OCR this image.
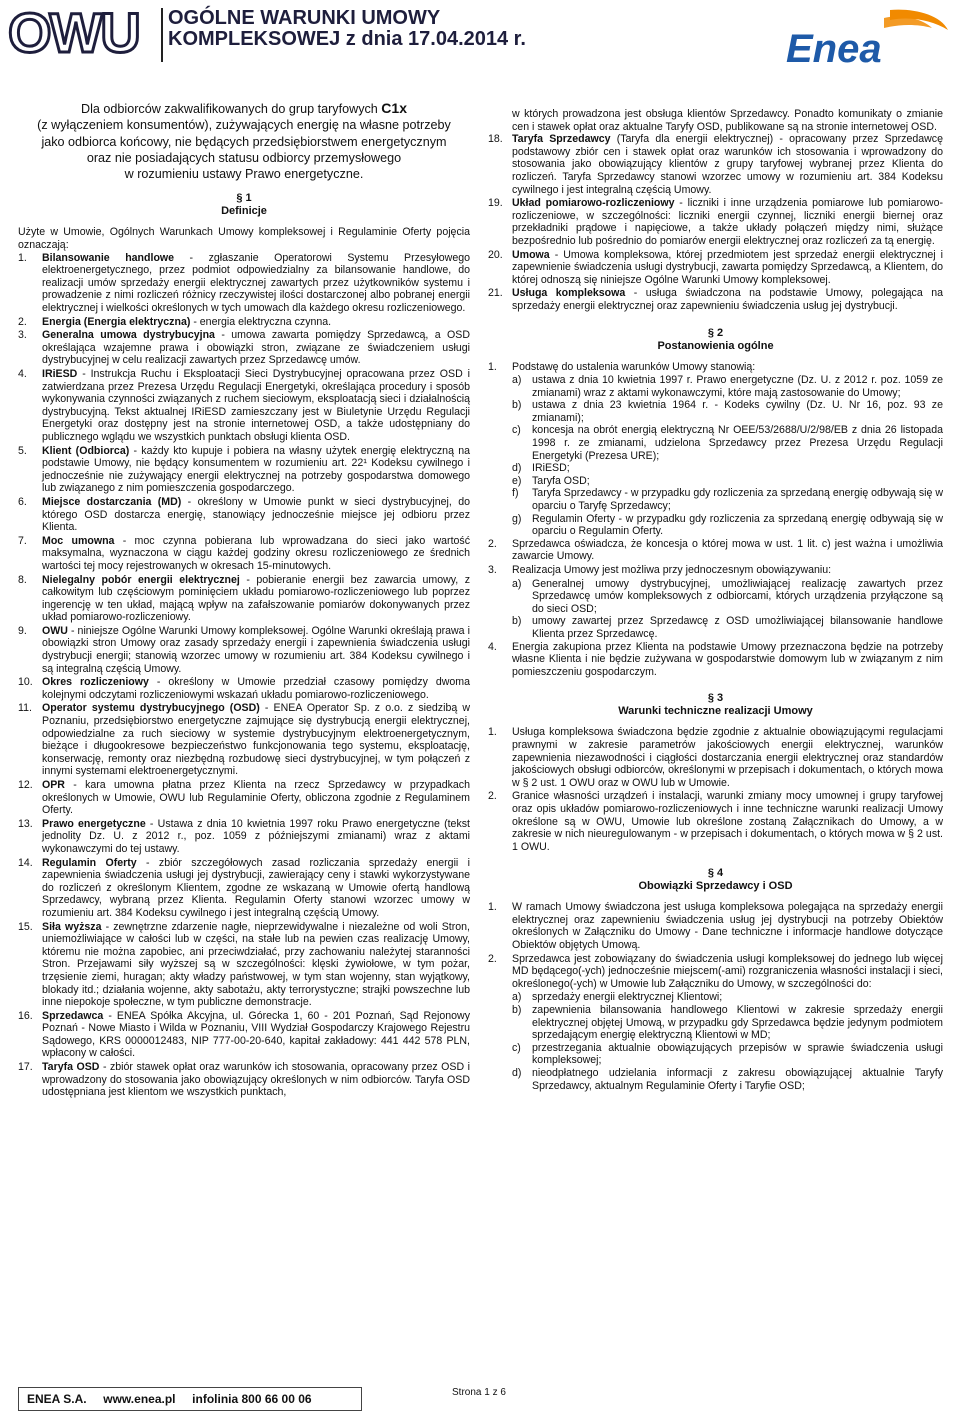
OWU OGÓLNE WARUNKI UMOWY
KOMPLEKSOWEJ z dnia 17.04.2014 r.	Enea
Dla odbiorców zakwalifikowanych do grup taryfowych C1x
(z wyłączeniem konsumentów), zużywających energię na własne potrzeby
jako odbiorca końcowy, nie będących przedsiębiorstwem energetycznym
oraz nie posiadających statusu odbiorcy przemysłowego
w rozumieniu ustawy Prawo energetyczne.
§ 1
Definicje

Użyte w Umowie, Ogólnych Warunkach Umowy kompleksowej i Regulaminie Oferty pojęcia oznaczają:

1. Bilansowanie handlowe - zgłaszanie Operatorowi Systemu Przesyłowego elektroenergetycznego, przez podmiot odpowiedzialny za bilansowanie handlowe, do realizacji umów sprzedaży energii elektrycznej zawartych przez użytkowników systemu i prowadzenie z nimi rozliczeń różnicy rzeczywistej ilości dostarczonej albo pobranej energii elektrycznej i wielkości określonych w tych umowach dla każdego okresu rozliczeniowego.
2. Energia (Energia elektryczna) - energia elektryczna czynna.
3. Generalna umowa dystrybucyjna - umowa zawarta pomiędzy Sprzedawcą, a OSD określająca wzajemne prawa i obowiązki stron, związane ze świadczeniem usługi dystrybucyjnej w celu realizacji zawartych przez Sprzedawcę umów.
4. IRiESD - Instrukcja Ruchu i Eksploatacji Sieci Dystrybucyjnej opracowana przez OSD i zatwierdzana przez Prezesa Urzędu Regulacji Energetyki, określająca procedury i sposób wykonywania czynności związanych z ruchem sieciowym, eksploatacją sieci i działalnością dystrybucyjną. Tekst aktualnej IRiESD zamieszczany jest w Biuletynie Urzędu Regulacji Energetyki oraz dostępny jest na stronie internetowej OSD, a także udostępniany do publicznego wglądu we wszystkich punktach obsługi klienta OSD.
5. Klient (Odbiorca) - każdy kto kupuje i pobiera na własny użytek energię elektryczną na podstawie Umowy, nie będący konsumentem w rozumieniu art. 22¹ Kodeksu cywilnego i jednocześnie nie zużywający energii elektrycznej na potrzeby gospodarstwa domowego lub związanego z nim pomieszczenia gospodarczego.
6. Miejsce dostarczania (MD) - określony w Umowie punkt w sieci dystrybucyjnej, do którego OSD dostarcza energię, stanowiący jednocześnie miejsce jej odbioru przez Klienta.
7. Moc umowna - moc czynna pobierana lub wprowadzana do sieci jako wartość maksymalna, wyznaczona w ciągu każdej godziny okresu rozliczeniowego ze średnich wartości tej mocy rejestrowanych w okresach 15-minutowych.
8. Nielegalny pobór energii elektrycznej - pobieranie energii bez zawarcia umowy, z całkowitym lub częściowym pominięciem układu pomiarowo-rozliczeniowego lub poprzez ingerencję w ten układ, mającą wpływ na zafałszowanie pomiarów dokonywanych przez układ pomiarowo-rozliczeniowy.
9. OWU - niniejsze Ogólne Warunki Umowy kompleksowej. Ogólne Warunki określają prawa i obowiązki stron Umowy oraz zasady sprzedaży energii i zapewnienia świadczenia usługi dystrybucji energii; stanowią wzorzec umowy w rozumieniu art. 384 Kodeksu cywilnego i są integralną częścią Umowy.
10. Okres rozliczeniowy - określony w Umowie przedział czasowy pomiędzy dwoma kolejnymi odczytami rozliczeniowymi wskazań układu pomiarowo-rozliczeniowego.
11. Operator systemu dystrybucyjnego (OSD) - ENEA Operator Sp. z o.o. z siedzibą w Poznaniu, przedsiębiorstwo energetyczne zajmujące się dystrybucją energii elektrycznej, odpowiedzialne za ruch sieciowy w systemie dystrybucyjnym elektroenergetycznym, bieżące i długookresowe bezpieczeństwo funkcjonowania tego systemu, eksploatację, konserwację, remonty oraz niezbędną rozbudowę sieci dystrybucyjnej, w tym połączeń z innymi systemami elektroenergetycznymi.
12. OPR - kara umowna płatna przez Klienta na rzecz Sprzedawcy w przypadkach określonych w Umowie, OWU lub Regulaminie Oferty, obliczona zgodnie z Regulaminem Oferty.
13. Prawo energetyczne - Ustawa z dnia 10 kwietnia 1997 roku Prawo energetyczne (tekst jednolity Dz. U. z 2012 r., poz. 1059 z późniejszymi zmianami) wraz z aktami wykonawczymi do tej ustawy.
14. Regulamin Oferty - zbiór szczegółowych zasad rozliczania sprzedaży energii i zapewnienia świadczenia usługi jej dystrybucji, zawierający ceny i stawki wykorzystywane do rozliczeń z określonym Klientem, zgodne ze wskazaną w Umowie ofertą handlową Sprzedawcy, wybraną przez Klienta. Regulamin Oferty stanowi wzorzec umowy w rozumieniu art. 384 Kodeksu cywilnego i jest integralną częścią Umowy.
15. Siła wyższa - zewnętrzne zdarzenie nagłe, nieprzewidywalne i niezależne od woli Stron, uniemożliwiające w całości lub w części, na stałe lub na pewien czas realizację Umowy, któremu nie można zapobiec, ani przeciwdziałać, przy zachowaniu należytej staranności Stron. Przejawami siły wyższej są w szczególności: klęski żywiołowe, w tym pożar, trzęsienie ziemi, huragan; akty władzy państwowej, w tym stan wojenny, stan wyjątkowy, blokady itd.; działania wojenne, akty sabotażu, akty terrorystyczne; strajki powszechne lub inne niepokoje społeczne, w tym publiczne demonstracje.
16. Sprzedawca - ENEA Spółka Akcyjna, ul. Górecka 1, 60 - 201 Poznań, Sąd Rejonowy Poznań - Nowe Miasto i Wilda w Poznaniu, VIII Wydział Gospodarczy Krajowego Rejestru Sądowego, KRS 0000012483, NIP 777-00-20-640, kapitał zakładowy: 441 442 578 PLN, wpłacony w całości.
17. Taryfa OSD - zbiór stawek opłat oraz warunków ich stosowania, opracowany przez OSD i wprowadzony do stosowania jako obowiązujący określonych w nim odbiorców. Taryfa OSD udostępniana jest klientom we wszystkich punktach,

w których prowadzona jest obsługa klientów Sprzedawcy. Ponadto komunikaty o zmianie cen i stawek opłat oraz aktualne Taryfy OSD, publikowane są na stronie internetowej OSD.

18. Taryfa Sprzedawcy (Taryfa dla energii elektrycznej) - opracowany przez Sprzedawcę podstawowy zbiór cen i stawek opłat oraz warunków ich stosowania i wprowadzony do stosowania jako obowiązujący klientów z grupy taryfowej wybranej przez Klienta do rozliczeń. Taryfa Sprzedawcy stanowi wzorzec umowy w rozumieniu art. 384 Kodeksu cywilnego i jest integralną częścią Umowy.
19. Układ pomiarowo-rozliczeniowy - liczniki i inne urządzenia pomiarowe lub pomiarowo-rozliczeniowe, w szczególności: liczniki energii czynnej, liczniki energii biernej oraz przekładniki prądowe i napięciowe, a także układy połączeń między nimi, służące bezpośrednio lub pośrednio do pomiarów energii elektrycznej oraz rozliczeń za tą energię.
20. Umowa - Umowa kompleksowa, której przedmiotem jest sprzedaż energii elektrycznej i zapewnienie świadczenia usługi dystrybucji, zawarta pomiędzy Sprzedawcą, a Klientem, do której odnoszą się niniejsze Ogólne Warunki Umowy kompleksowej.
21. Usługa kompleksowa - usługa świadczona na podstawie Umowy, polegająca na sprzedaży energii elektrycznej oraz zapewnieniu świadczenia usług jej dystrybucji.
§ 2
Postanowienia ogólne
1. Podstawę do ustalenia warunków Umowy stanowią:
a) ustawa z dnia 10 kwietnia 1997 r. Prawo energetyczne (Dz. U. z 2012 r. poz. 1059 ze zmianami) wraz z aktami wykonawczymi, które mają zastosowanie do Umowy;
b) ustawa z dnia 23 kwietnia 1964 r. - Kodeks cywilny (Dz. U. Nr 16, poz. 93 ze zmianami);
c) koncesja na obrót energią elektryczną Nr OEE/53/2688/U/2/98/EB z dnia 26 listopada 1998 r. ze zmianami, udzielona Sprzedawcy przez Prezesa Urzędu Regulacji Energetyki (Prezesa URE);
d) IRiESD;
e) Taryfa OSD;
f) Taryfa Sprzedawcy - w przypadku gdy rozliczenia za sprzedaną energię odbywają się w oparciu o Taryfę Sprzedawcy;
g) Regulamin Oferty - w przypadku gdy rozliczenia za sprzedaną energię odbywają się w oparciu o Regulamin Oferty.
2. Sprzedawca oświadcza, że koncesja o której mowa w ust. 1 lit. c) jest ważna i umożliwia zawarcie Umowy.
3. Realizacja Umowy jest możliwa przy jednoczesnym obowiązywaniu:
a) Generalnej umowy dystrybucyjnej, umożliwiającej realizację zawartych przez Sprzedawcę umów kompleksowych z odbiorcami, których urządzenia przyłączone są do sieci OSD;
b) umowy zawartej przez Sprzedawcę z OSD umożliwiającej bilansowanie handlowe Klienta przez Sprzedawcę.
4. Energia zakupiona przez Klienta na podstawie Umowy przeznaczona będzie na potrzeby własne Klienta i nie będzie zużywana w gospodarstwie domowym lub w związanym z nim pomieszczeniu gospodarczym.
§ 3
Warunki techniczne realizacji Umowy
1. Usługa kompleksowa świadczona będzie zgodnie z aktualnie obowiązującymi regulacjami prawnymi w zakresie parametrów jakościowych energii elektrycznej, warunków zapewnienia niezawodności i ciągłości dostarczania energii elektrycznej oraz standardów jakościowych obsługi odbiorców, określonymi w przepisach i dokumentach, o których mowa w § 2 ust. 1 OWU oraz w OWU lub w Umowie.
2. Granice własności urządzeń i instalacji, warunki zmiany mocy umownej i grupy taryfowej oraz opis układów pomiarowo-rozliczeniowych i inne techniczne warunki realizacji Umowy określone są w OWU, Umowie lub określone zostaną Załącznikach do Umowy, a w zakresie w nich nieuregulowanym - w przepisach i dokumentach, o których mowa w § 2 ust. 1 OWU.
§ 4
Obowiązki Sprzedawcy i OSD
1. W ramach Umowy świadczona jest usługa kompleksowa polegająca na sprzedaży energii elektrycznej oraz zapewnieniu świadczenia usług jej dystrybucji na potrzeby Obiektów określonych w Załączniku do Umowy - Dane techniczne i informacje handlowe dotyczące Obiektów objętych Umową.
2. Sprzedawca jest zobowiązany do świadczenia usługi kompleksowej do jednego lub więcej MD będącego(-ych) jednocześnie miejscem(-ami) rozgraniczenia własności instalacji i sieci, określonego(-ych) w Umowie lub Załączniku do Umowy, w szczególności do:
a) sprzedaży energii elektrycznej Klientowi;
b) zapewnienia bilansowania handlowego Klientowi w zakresie sprzedaży energii elektrycznej objętej Umową, w przypadku gdy Sprzedawca będzie jedynym podmiotem sprzedającym energię elektryczną Klientowi w MD;
c) przestrzegania aktualnie obowiązujących przepisów w sprawie świadczenia usługi kompleksowej;
d) nieodpłatnego udzielania informacji z zakresu obowiązującej aktualnie Taryfy Sprzedawcy, aktualnym Regulaminie Oferty i Taryfie OSD;
ENEA S.A. www.enea.pl infolinia 800 66 00 06	Strona 1 z 6
